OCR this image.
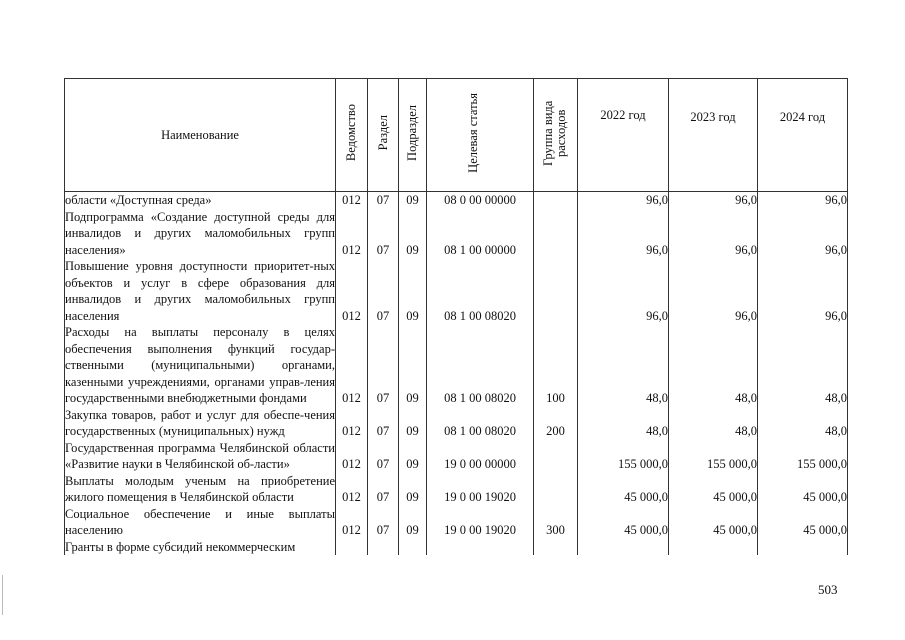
Наименование	Ведомство	Раздел	Подраздел	Целевая статья	Группа вида расходов	2022 год	2023 год	2024 год
области «Доступная среда»	012	07	09	08 0 00 00000		96,0	96,0	96,0
Подпрограмма «Создание доступной среды для инвалидов и других маломобильных групп населения»	012	07	09	08 1 00 00000		96,0	96,0	96,0
Повышение уровня доступности приоритет-ных объектов и услуг в сфере образования для инвалидов и других маломобильных групп населения	012	07	09	08 1 00 08020		96,0	96,0	96,0
Расходы на выплаты персоналу в целях обеспечения выполнения функций государ-ственными (муниципальными) органами, казенными учреждениями, органами управ-ления государственными внебюджетными фондами	012	07	09	08 1 00 08020	100	48,0	48,0	48,0
Закупка товаров, работ и услуг для обеспе-чения государственных (муниципальных) нужд	012	07	09	08 1 00 08020	200	48,0	48,0	48,0
Государственная программа Челябинской области «Развитие науки в Челябинской об-ласти»	012	07	09	19 0 00 00000		155 000,0	155 000,0	155 000,0
Выплаты молодым ученым на приобретение жилого помещения в Челябинской области	012	07	09	19 0 00 19020		45 000,0	45 000,0	45 000,0
Социальное обеспечение и иные выплаты населению	012	07	09	19 0 00 19020	300	45 000,0	45 000,0	45 000,0
Гранты в форме субсидий некоммерческим								
503
